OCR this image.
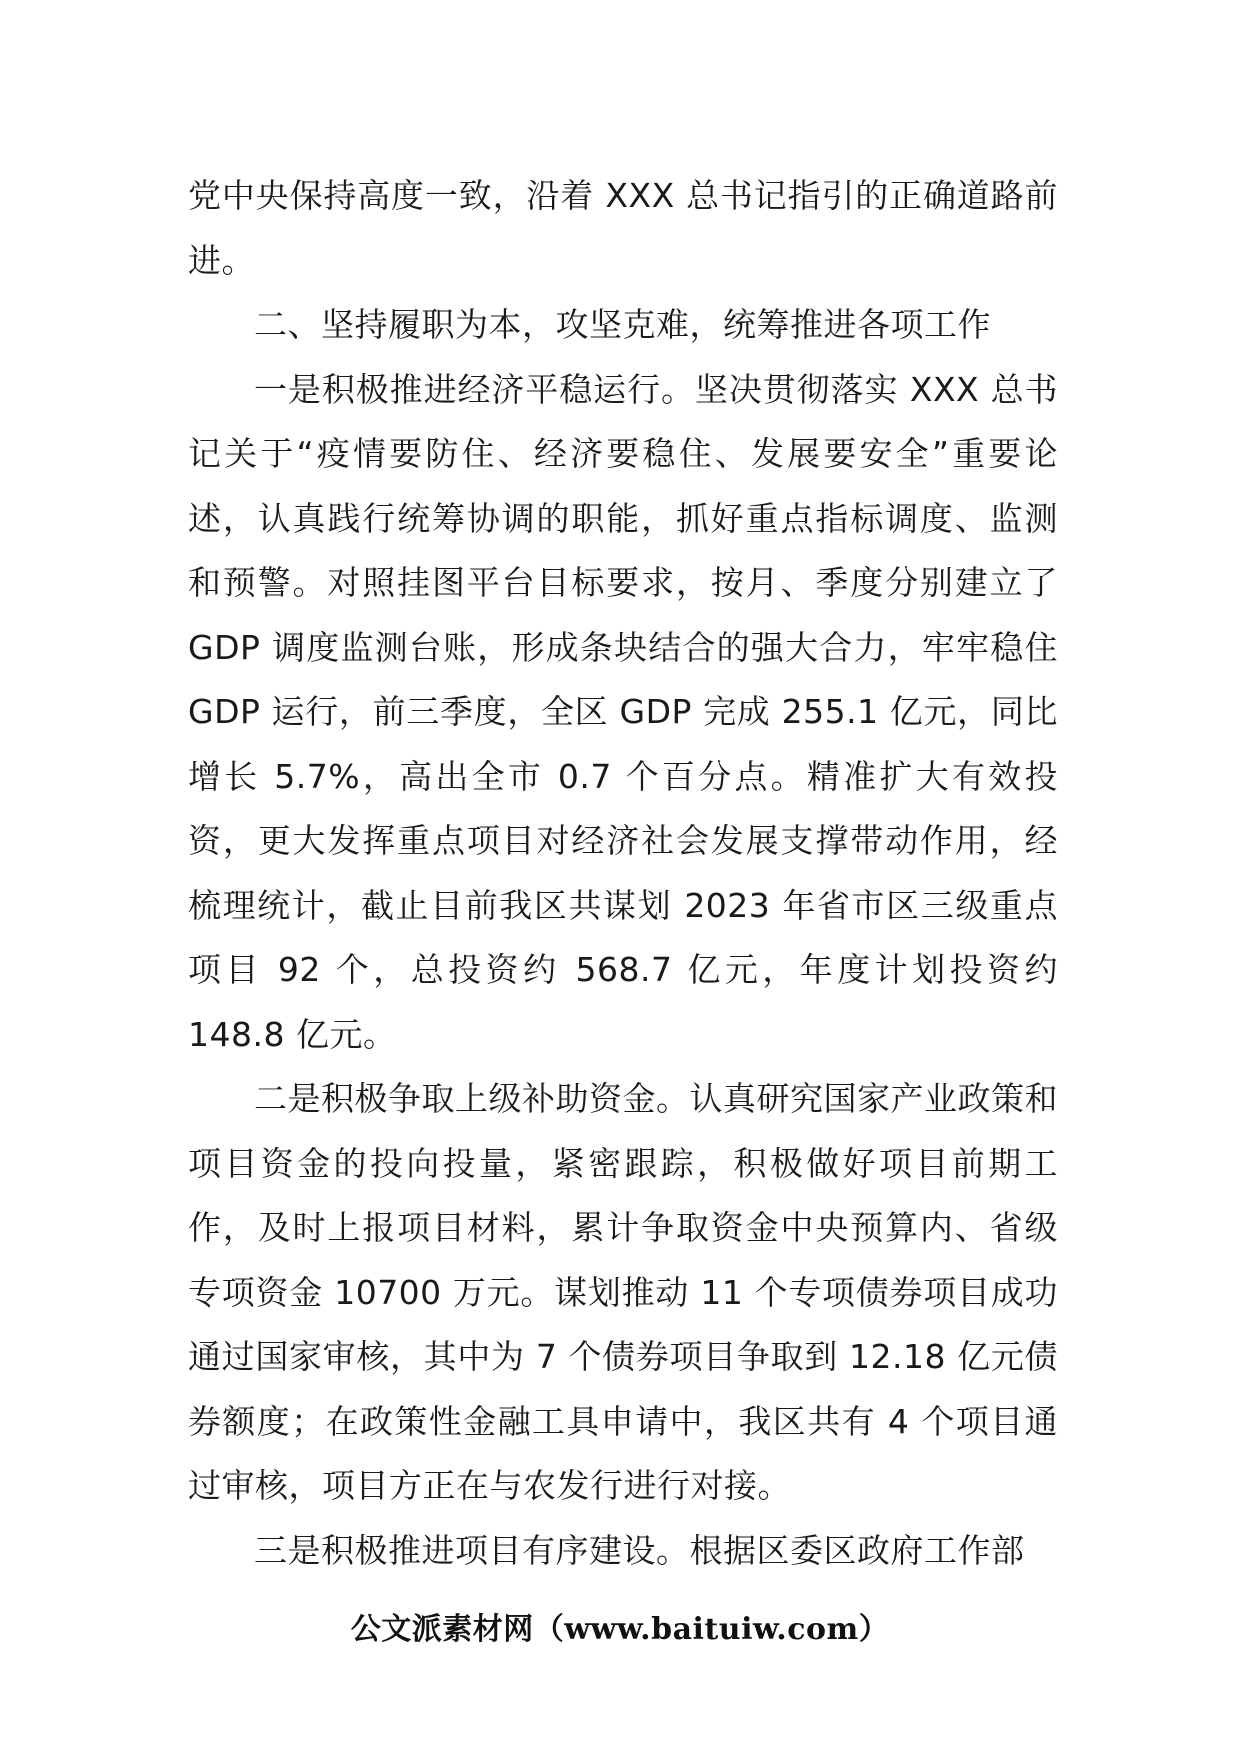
党中央保持高度一致，沿着 XXX 总书记指引的正确道路前进。

二、坚持履职为本，攻坚克难，统筹推进各项工作

一是积极推进经济平稳运行。坚决贯彻落实 XXX 总书记关于“疫情要防住、经济要稳住、发展要安全”重要论述，认真践行统筹协调的职能，抓好重点指标调度、监测和预警。对照挂图平台目标要求，按月、季度分别建立了 GDP 调度监测台账，形成条块结合的强大合力，牢牢稳住 GDP 运行，前三季度，全区 GDP 完成 255.1 亿元，同比增长 5.7%，高出全市 0.7 个百分点。精准扩大有效投资，更大发挥重点项目对经济社会发展支撑带动作用，经梳理统计，截止目前我区共谋划 2023 年省市区三级重点项目 92 个，总投资约 568.7 亿元，年度计划投资约 148.8 亿元。

二是积极争取上级补助资金。认真研究国家产业政策和项目资金的投向投量，紧密跟踪，积极做好项目前期工作，及时上报项目材料，累计争取资金中央预算内、省级专项资金 10700 万元。谋划推动 11 个专项债券项目成功通过国家审核，其中为 7 个债券项目争取到 12.18 亿元债券额度；在政策性金融工具申请中，我区共有 4 个项目通过审核，项目方正在与农发行进行对接。

三是积极推进项目有序建设。根据区委区政府工作部

公文派素材网（www.baituiw.com）
